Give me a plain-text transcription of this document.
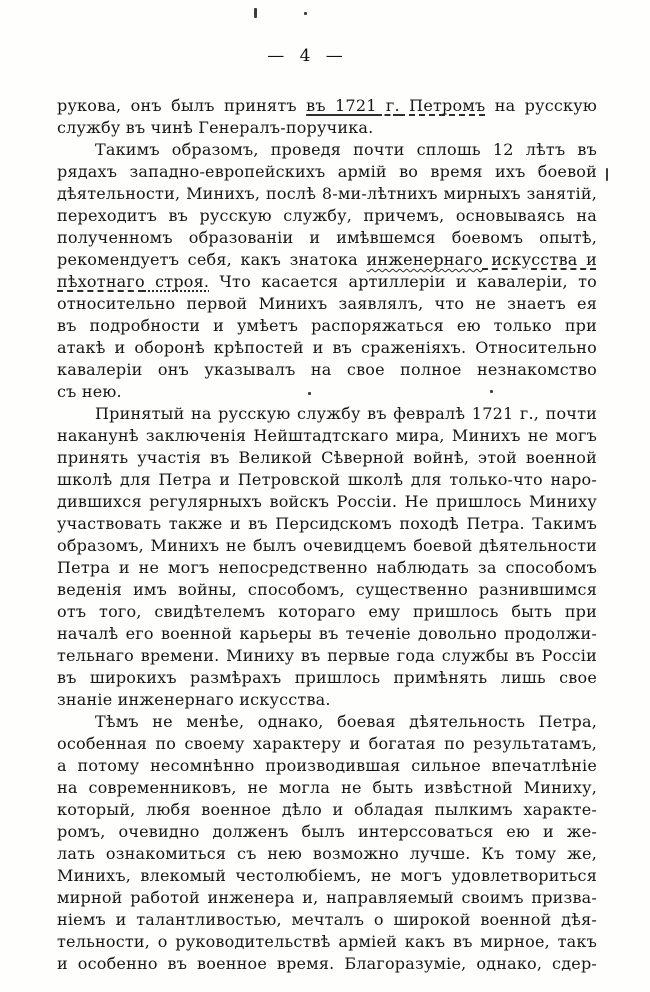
— 4 —
рукова, онъ былъ принятъ въ 1721 г. Петромъ на русскую
службу въ чинѣ Генералъ-поручика.
Такимъ образомъ, проведя почти сплошь 12 лѣтъ въ
рядахъ западно-европейскихъ армій во время ихъ боевой
дѣятельности, Минихъ, послѣ 8-ми-лѣтнихъ мирныхъ занятій,
переходитъ въ русскую службу, причемъ, основываясь на
полученномъ образованіи и имѣвшемся боевомъ опытѣ,
рекомендуетъ себя, какъ знатока инженернаго искусства и
пѣхотнаго строя. Что касается артиллеріи и кавалеріи, то
относительно первой Минихъ заявлялъ, что не знаетъ ея
въ подробности и умѣетъ распоряжаться ею только при
атакѣ и оборонѣ крѣпостей и въ сраженіяхъ. Относительно
кавалеріи онъ указывалъ на свое полное незнакомство
съ нею.
Принятый на русскую службу въ февралѣ 1721 г., почти
наканунѣ заключенія Нейштадтскаго мира, Минихъ не могъ
принять участія въ Великой Сѣверной войнѣ, этой военной
школѣ для Петра и Петровской школѣ для только-что наро-
дившихся регулярныхъ войскъ Россіи. Не пришлось Миниху
участвовать также и въ Персидскомъ походѣ Петра. Такимъ
образомъ, Минихъ не былъ очевидцемъ боевой дѣятельности
Петра и не могъ непосредственно наблюдать за способомъ
веденія имъ войны, способомъ, существенно разнившимся
отъ того, свидѣтелемъ котораго ему пришлось быть при
началѣ его военной карьеры въ теченіе довольно продолжи-
тельнаго времени. Миниху въ первые года службы въ Россіи
въ широкихъ размѣрахъ пришлось примѣнять лишь свое
знаніе инженернаго искусства.
Тѣмъ не менѣе, однако, боевая дѣятельность Петра,
особенная по своему характеру и богатая по результатамъ,
а потому несомнѣнно производившая сильное впечатлѣніе
на современниковъ, не могла не быть извѣстной Миниху,
который, любя военное дѣло и обладая пылкимъ характе-
ромъ, очевидно долженъ былъ интерссоваться ею и же-
лать ознакомиться съ нею возможно лучше. Къ тому же,
Минихъ, влекомый честолюбіемъ, не могъ удовлетвориться
мирной работой инженера и, направляемый своимъ призва-
ніемъ и талантливостью, мечталъ о широкой военной дѣя-
тельности, о руководительствѣ арміей какъ въ мирное, такъ
и особенно въ военное время. Благоразуміе, однако, сдер-
